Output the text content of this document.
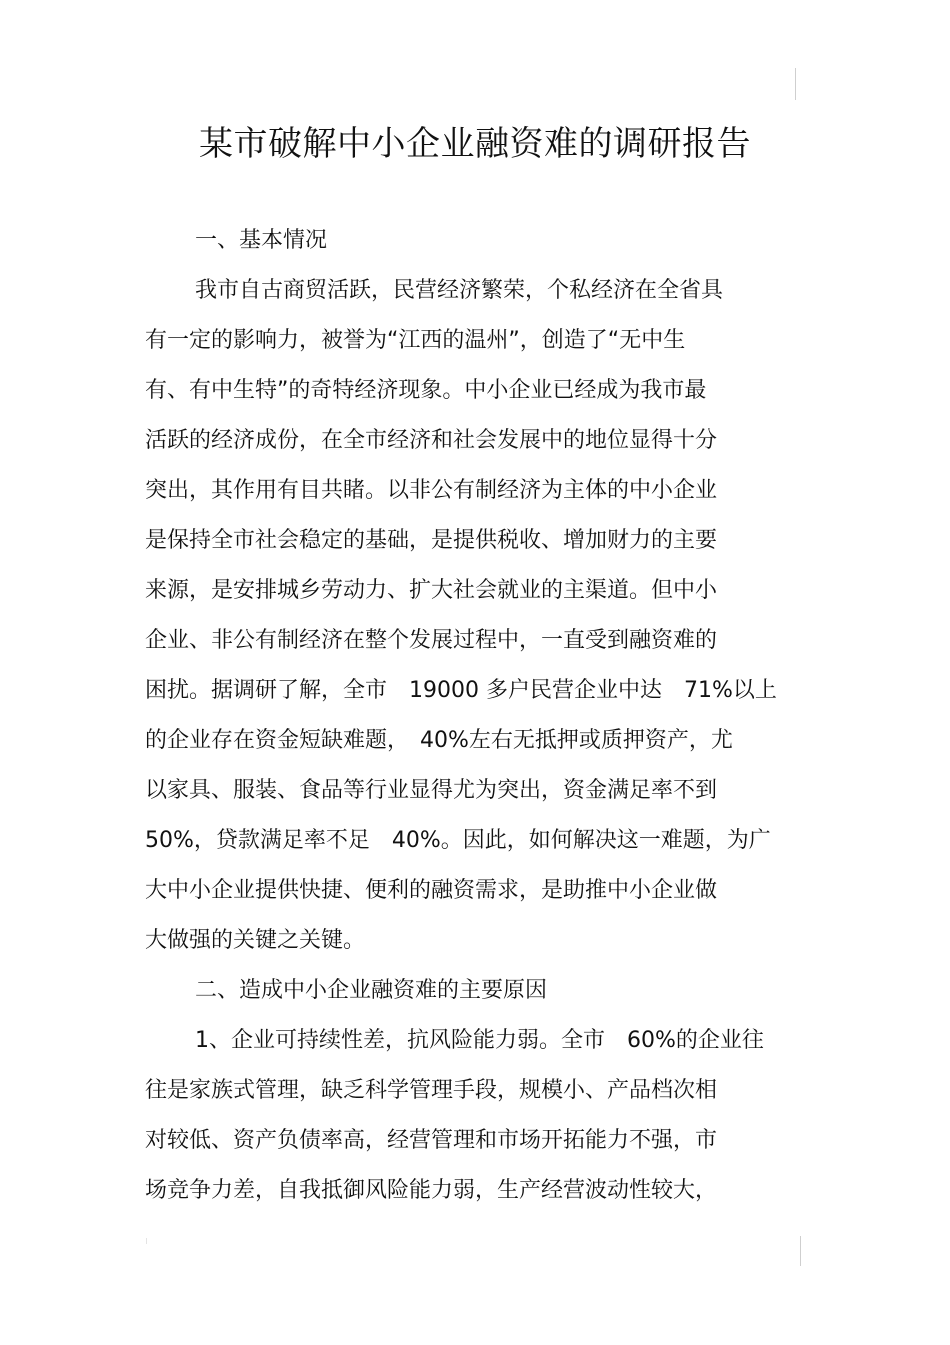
某市破解中小企业融资难的调研报告
一、基本情况
我市自古商贸活跃，民营经济繁荣，个私经济在全省具
有一定的影响力，被誉为“江西的温州”，创造了“无中生
有、有中生特”的奇特经济现象。中小企业已经成为我市最
活跃的经济成份，在全市经济和社会发展中的地位显得十分
突出，其作用有目共睹。以非公有制经济为主体的中小企业
是保持全市社会稳定的基础，是提供税收、增加财力的主要
来源，是安排城乡劳动力、扩大社会就业的主渠道。但中小
企业、非公有制经济在整个发展过程中，一直受到融资难的
困扰。据调研了解，全市　19000 多户民营企业中达　71%以上
的企业存在资金短缺难题，　40%左右无抵押或质押资产，尤
以家具、服装、食品等行业显得尤为突出，资金满足率不到
50%，贷款满足率不足　40%。因此，如何解决这一难题，为广
大中小企业提供快捷、便利的融资需求，是助推中小企业做
大做强的关键之关键。
二、造成中小企业融资难的主要原因
1、企业可持续性差，抗风险能力弱。全市　60%的企业往
往是家族式管理，缺乏科学管理手段，规模小、产品档次相
对较低、资产负债率高，经营管理和市场开拓能力不强，市
场竞争力差，自我抵御风险能力弱，生产经营波动性较大，
